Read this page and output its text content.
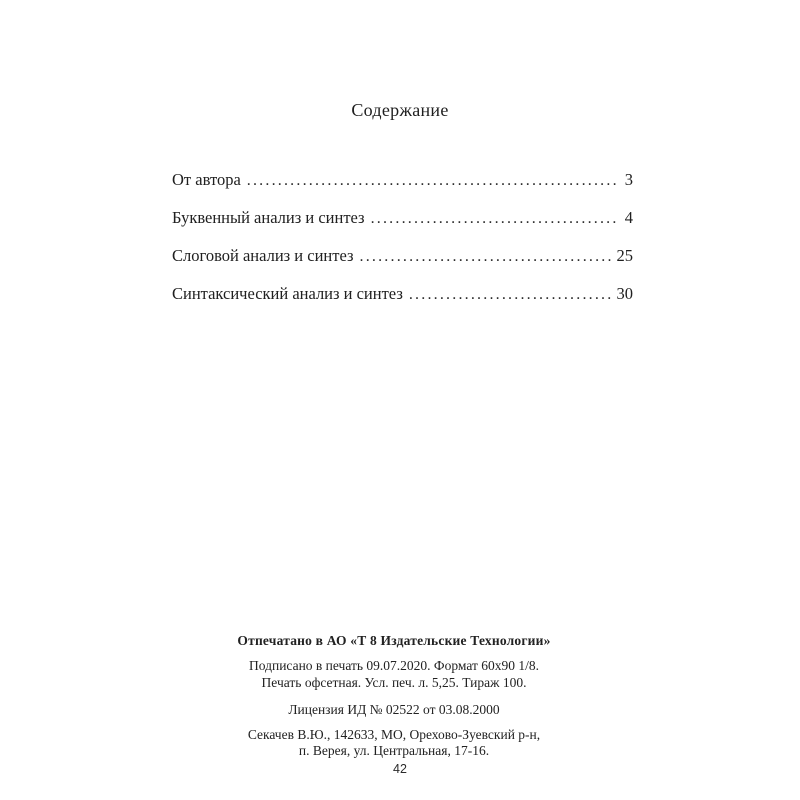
Содержание
От автора .....	3
Буквенный анализ и синтез .....	4
Слоговой анализ и синтез .....	25
Синтаксический анализ и синтез .....	30
Отпечатано в АО «Т 8 Издательские Технологии»
Подписано в печать 09.07.2020. Формат 60х90 1/8.
Печать офсетная. Усл. печ. л. 5,25. Тираж 100.
Лицензия ИД № 02522 от 03.08.2000
Секачев В.Ю., 142633, МО, Орехово-Зуевский р-н,
п. Верея, ул. Центральная, 17-16.
42
